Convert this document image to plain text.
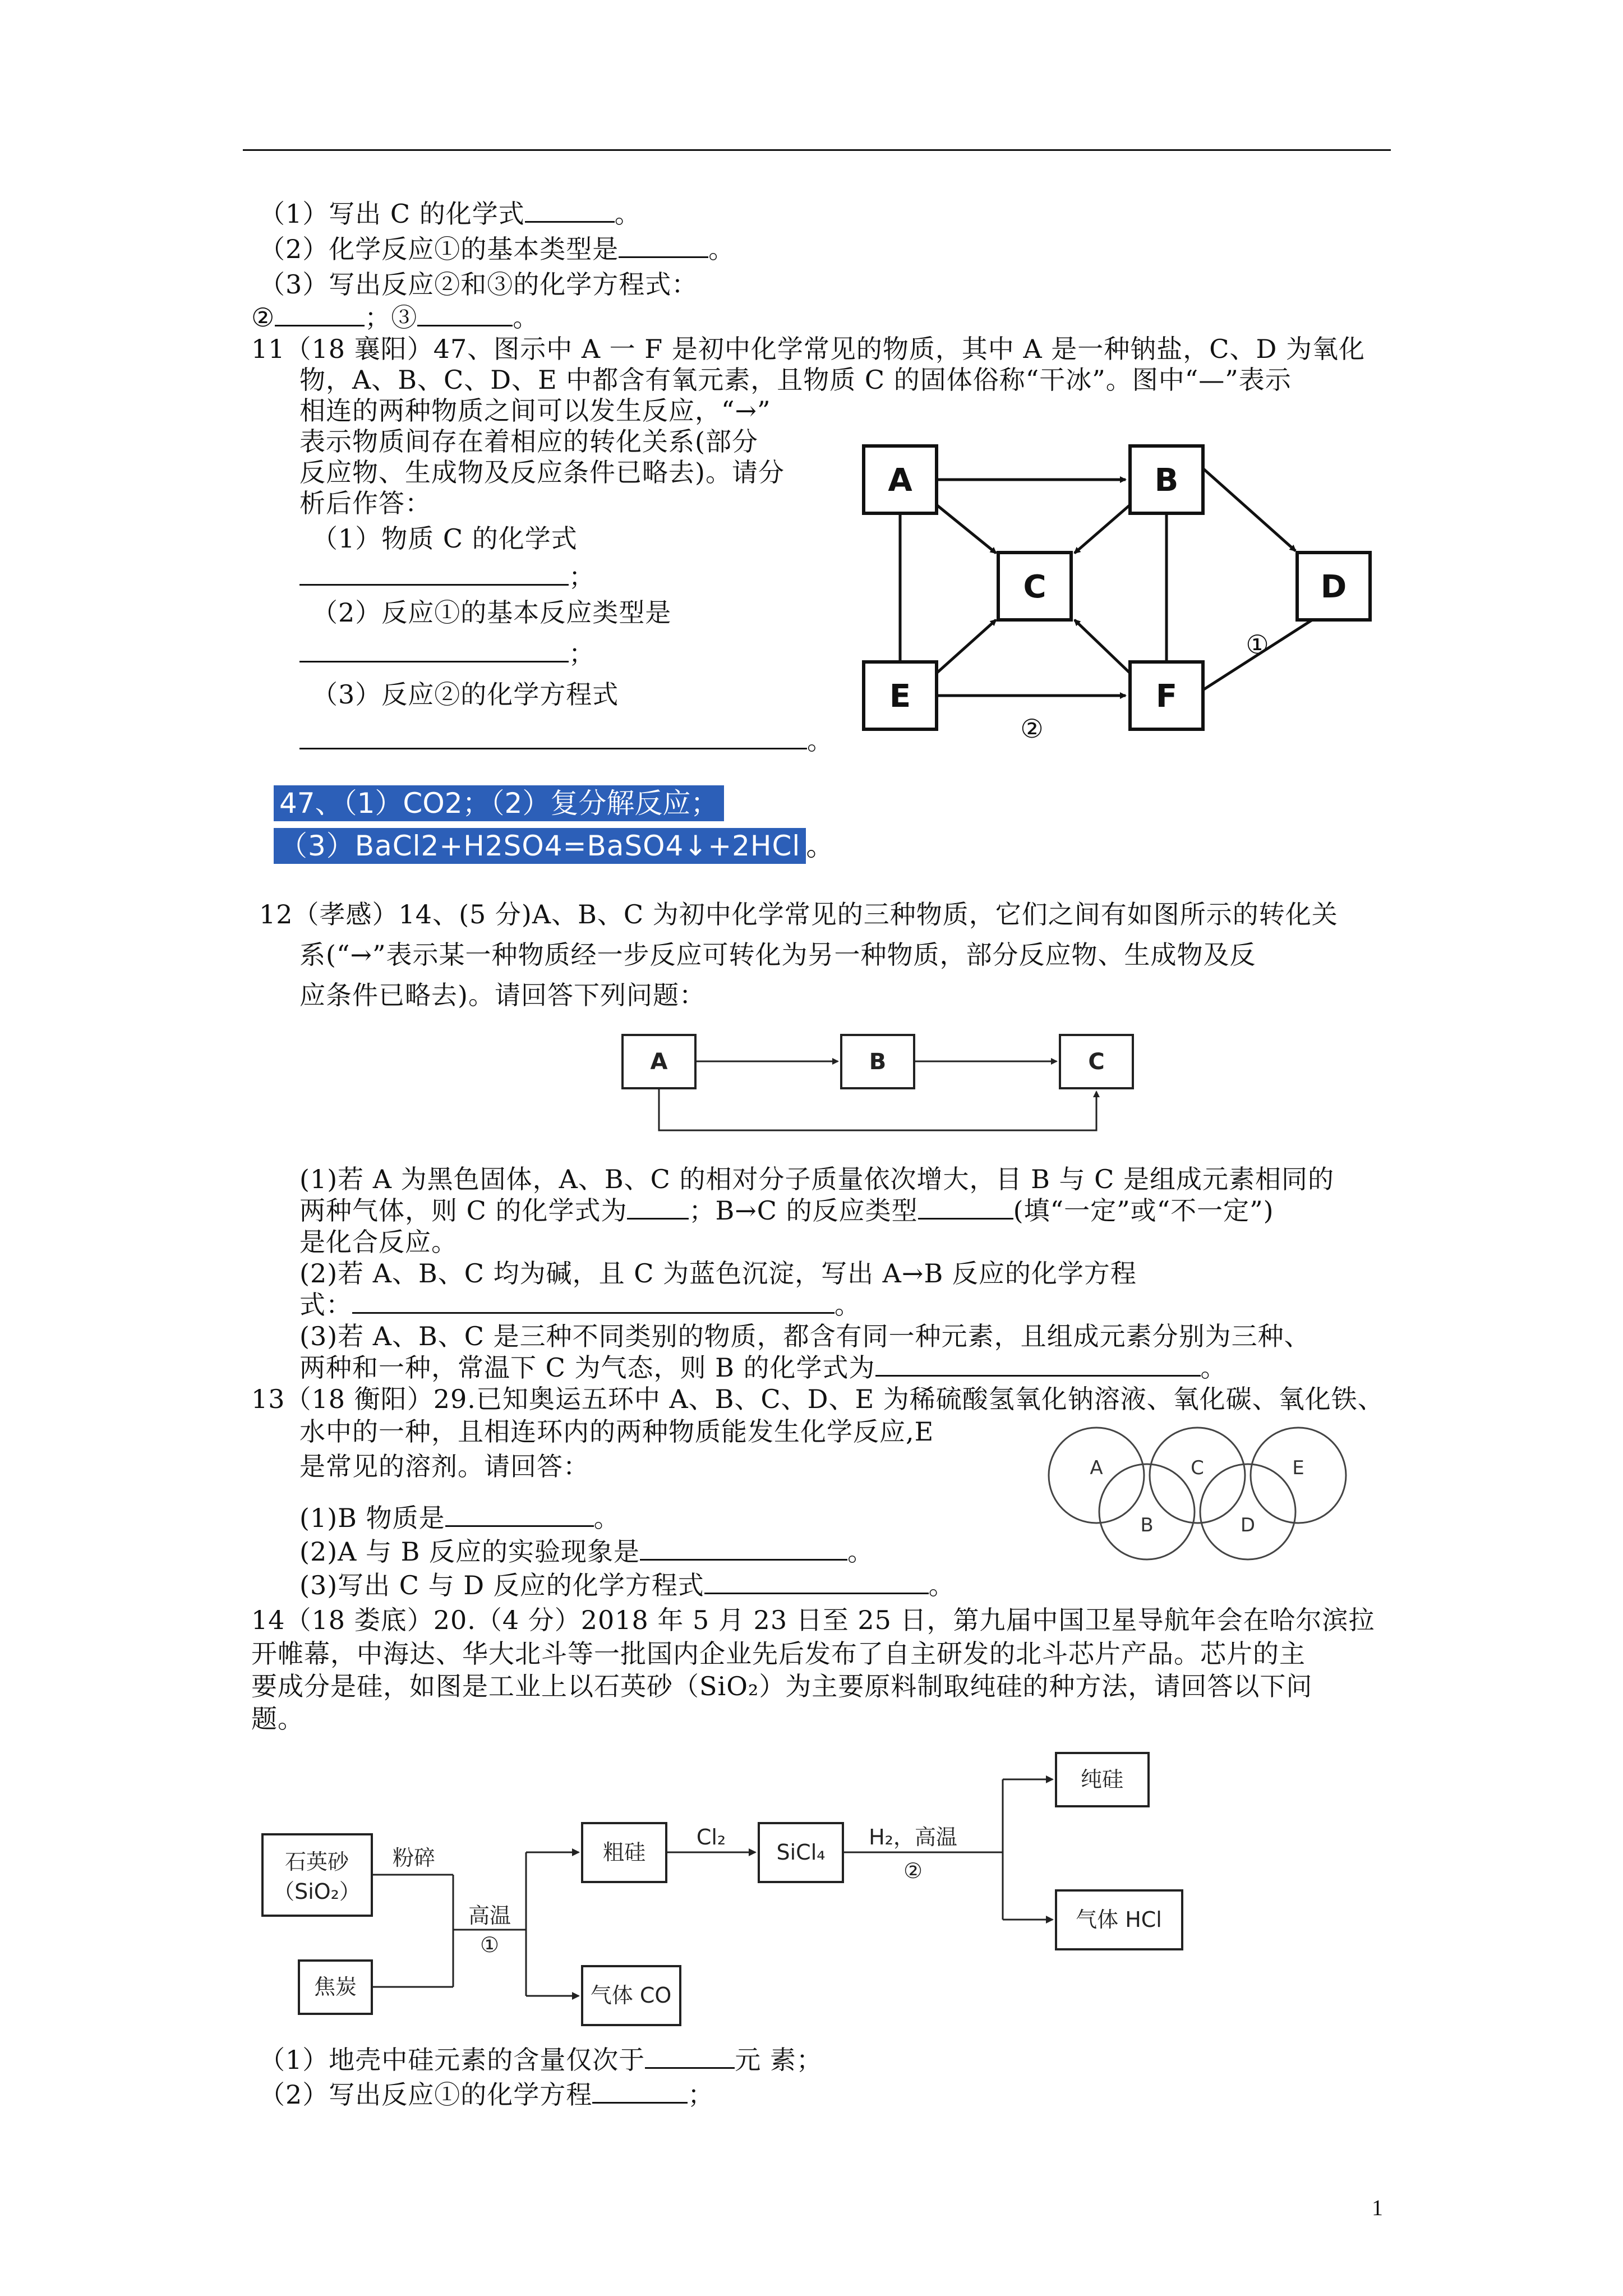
（1）写出 C 的化学式	。
（2）化学反应①的基本类型是	。
（3）写出反应②和③的化学方程式：
②	；③	。
11（18 襄阳）47、图示中 A 一 F 是初中化学常见的物质，其中 A 是一种钠盐，C、D 为氧化
物，A、B、C、D、E 中都含有氧元素，且物质 C 的固体俗称“干冰”。图中“—”表示
相连的两种物质之间可以发生反应，“→”
表示物质间存在着相应的转化关系(部分
反应物、生成物及反应条件已略去)。请分
析后作答：
（1）物质 C 的化学式
；
（2）反应①的基本反应类型是
；
（3）反应②的化学方程式
。
A	B
C	D
E	F
①
②
47、（1）CO2；（2）复分解反应；
（3）BaCl2+H2SO4=BaSO4↓+2HCl 。
12（孝感）14、(5 分)A、B、C 为初中化学常见的三种物质，它们之间有如图所示的转化关
系(“→”表示某一种物质经一步反应可转化为另一种物质，部分反应物、生成物及反
应条件已略去)。请回答下列问题：
A	B	C
(1)若 A 为黑色固体，A、B、C 的相对分子质量依次增大，目 B 与 C 是组成元素相同的
两种气体，则 C 的化学式为 ；B→C 的反应类型	(填“一定”或“不一定”)
是化合反应。
(2)若 A、B、C 均为碱，且 C 为蓝色沉淀，写出 A→B 反应的化学方程
式：	。
(3)若 A、B、C 是三种不同类别的物质，都含有同一种元素，且组成元素分别为三种、
两种和一种，常温下 C 为气态，则 B 的化学式为	。
13（18 衡阳）29.已知奥运五环中 A、B、C、D、E 为稀硫酸氢氧化钠溶液、氧化碳、氧化铁、
水中的一种，且相连环内的两种物质能发生化学反应,E
是常见的溶剂。请回答：	A
B
C
D
E
(1)B 物质是	。
(2)A 与 B 反应的实验现象是	。
(3)写出 C 与 D 反应的化学方程式	。
14（18 娄底）20.（4 分）2018 年 5 月 23 日至 25 日，第九届中国卫星导航年会在哈尔滨拉
开帷幕，中海达、华大北斗等一批国内企业先后发布了自主研发的北斗芯片产品。芯片的主
要成分是硅，如图是工业上以石英砂（SiO₂）为主要原料制取纯硅的种方法，请回答以下问
题。
石英砂
（SiO₂）
焦炭
粉碎
高温
①
粗硅
Cl₂
SiCl₄
H₂，高温
②
纯硅
气体 HCl
气体 CO
（1）地壳中硅元素的含量仅次于	元 素；
（2）写出反应①的化学方程	；
1
